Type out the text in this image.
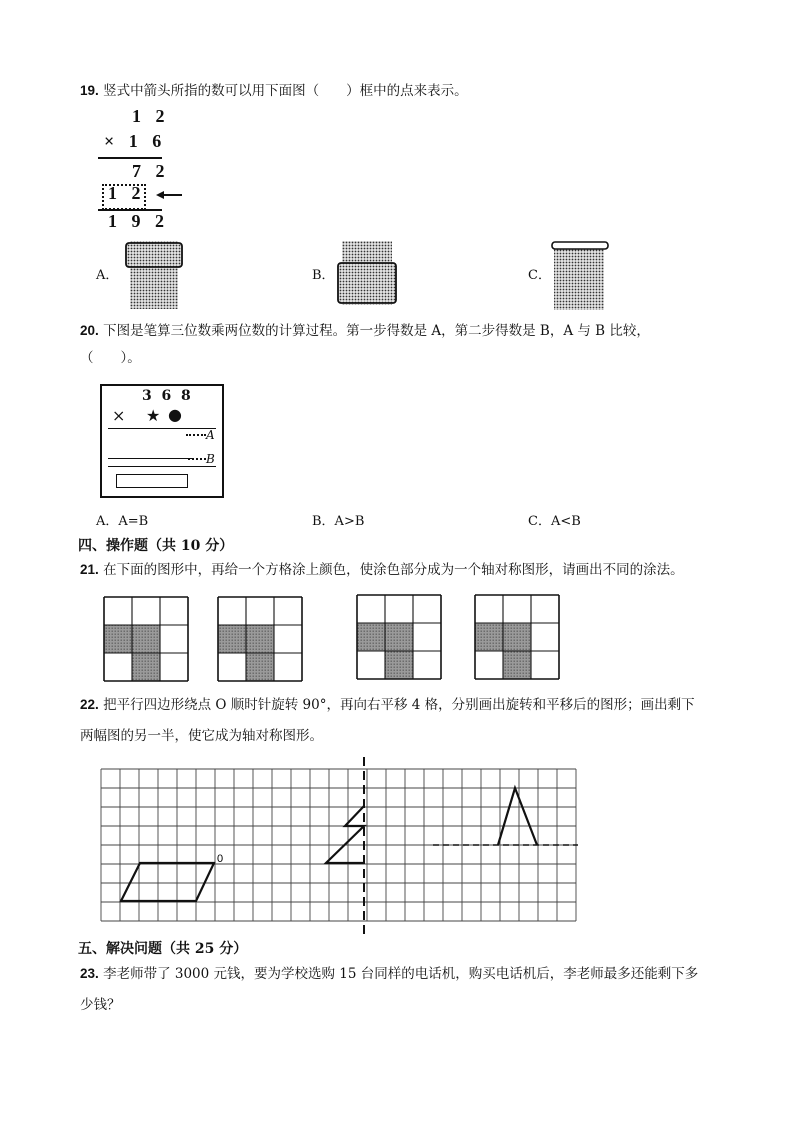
19. 竖式中箭头所指的数可以用下面图（　　）框中的点来表示。
1 2
× 1 6
7 2
1 2
1 9 2
A．	B．	C．
20. 下图是笔算三位数乘两位数的计算过程。第一步得数是 A，第二步得数是 B，A 与 B 比较，
（　　）。
3  6  8
× ★ ●
A
B
A．A=B	B．A>B	C．A<B
四、操作题（共 10 分）
21. 在下面的图形中，再给一个方格涂上颜色，使涂色部分成为一个轴对称图形，请画出不同的涂法。
22. 把平行四边形绕点 O 顺时针旋转 90°，再向右平移 4 格，分别画出旋转和平移后的图形；画出剩下
两幅图的另一半，使它成为轴对称图形。
0
五、解决问题（共 25 分）
23. 李老师带了 3000 元钱，要为学校选购 15 台同样的电话机，购买电话机后，李老师最多还能剩下多
少钱？
